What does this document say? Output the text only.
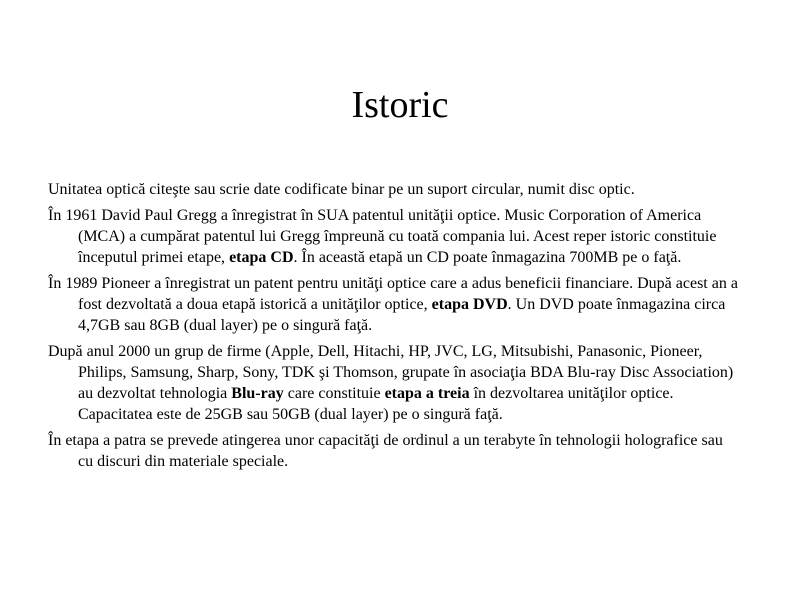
Istoric

Unitatea optică citeşte sau scrie date codificate binar pe un suport circular, numit disc optic.

În 1961 David Paul Gregg a înregistrat în SUA patentul unităţii optice. Music Corporation of America (MCA) a cumpărat patentul lui Gregg împreună cu toată compania lui. Acest reper istoric constituie începutul primei etape, etapa CD. În această etapă un CD poate înmagazina 700MB pe o faţă.

În 1989 Pioneer a înregistrat un patent pentru unităţi optice care a adus beneficii financiare. După acest an a fost dezvoltată a doua etapă istorică a unităţilor optice, etapa DVD. Un DVD poate înmagazina circa 4,7GB sau 8GB (dual layer) pe o singură faţă.

După anul 2000 un grup de firme (Apple, Dell, Hitachi, HP, JVC, LG, Mitsubishi, Panasonic, Pioneer, Philips, Samsung, Sharp, Sony, TDK şi Thomson, grupate în asociaţia BDA Blu-ray Disc Association) au dezvoltat tehnologia Blu-ray care constituie etapa a treia în dezvoltarea unităţilor optice. Capacitatea este de 25GB sau 50GB (dual layer) pe o singură faţă.

În etapa a patra se prevede atingerea unor capacităţi de ordinul a un terabyte în tehnologii holografice sau cu discuri din materiale speciale.
